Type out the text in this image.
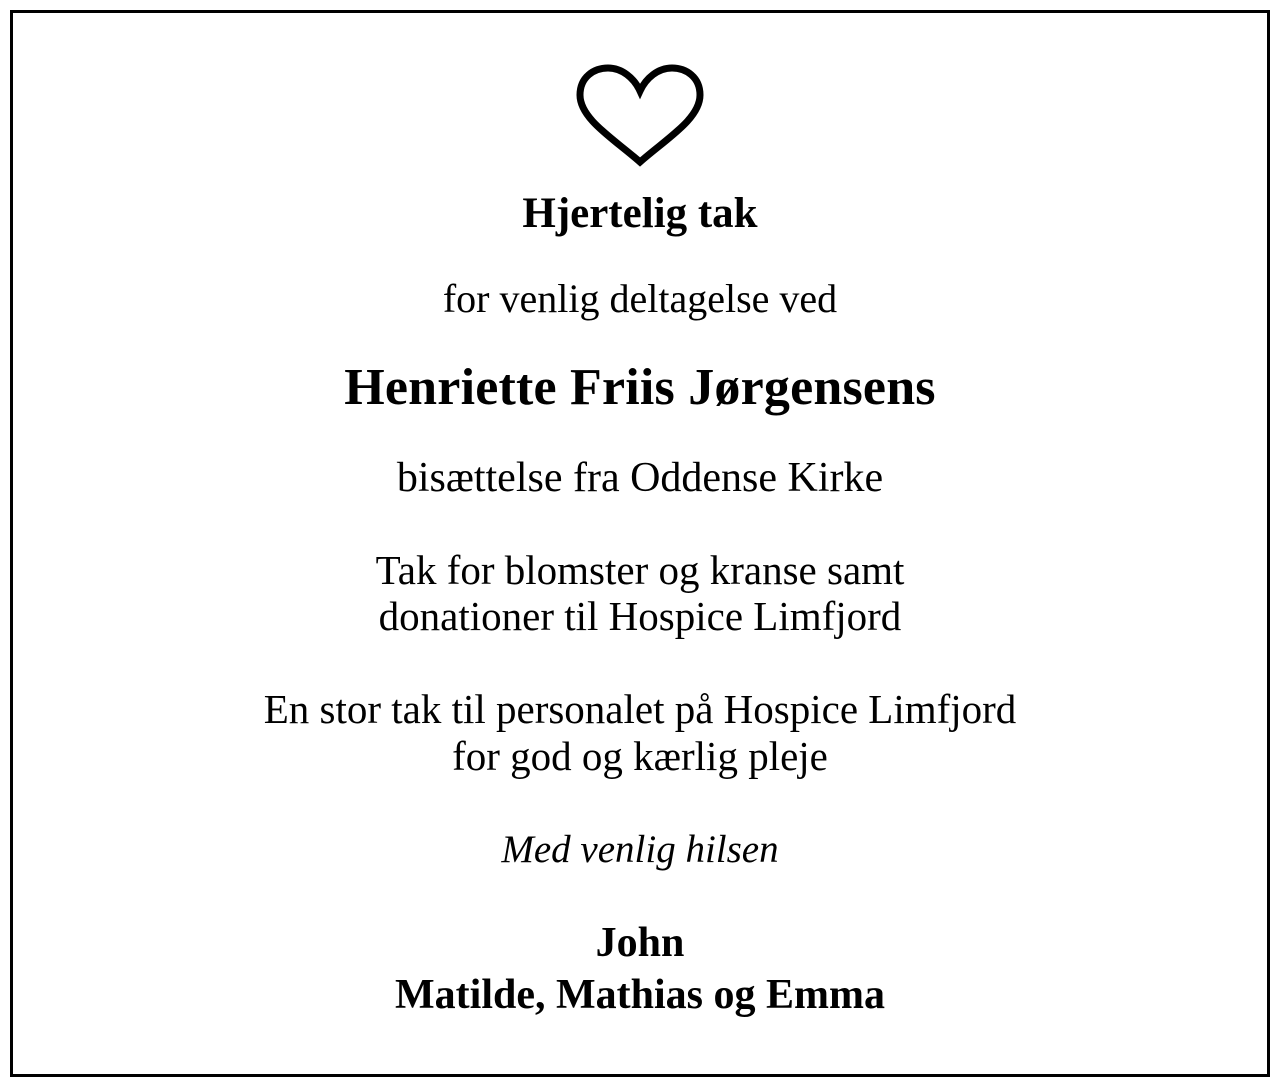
Hjertelig tak
for venlig deltagelse ved
Henriette Friis Jørgensens
bisættelse fra Oddense Kirke
Tak for blomster og kranse samt
donationer til Hospice Limfjord
En stor tak til personalet på Hospice Limfjord
for god og kærlig pleje
Med venlig hilsen
John
Matilde, Mathias og Emma
